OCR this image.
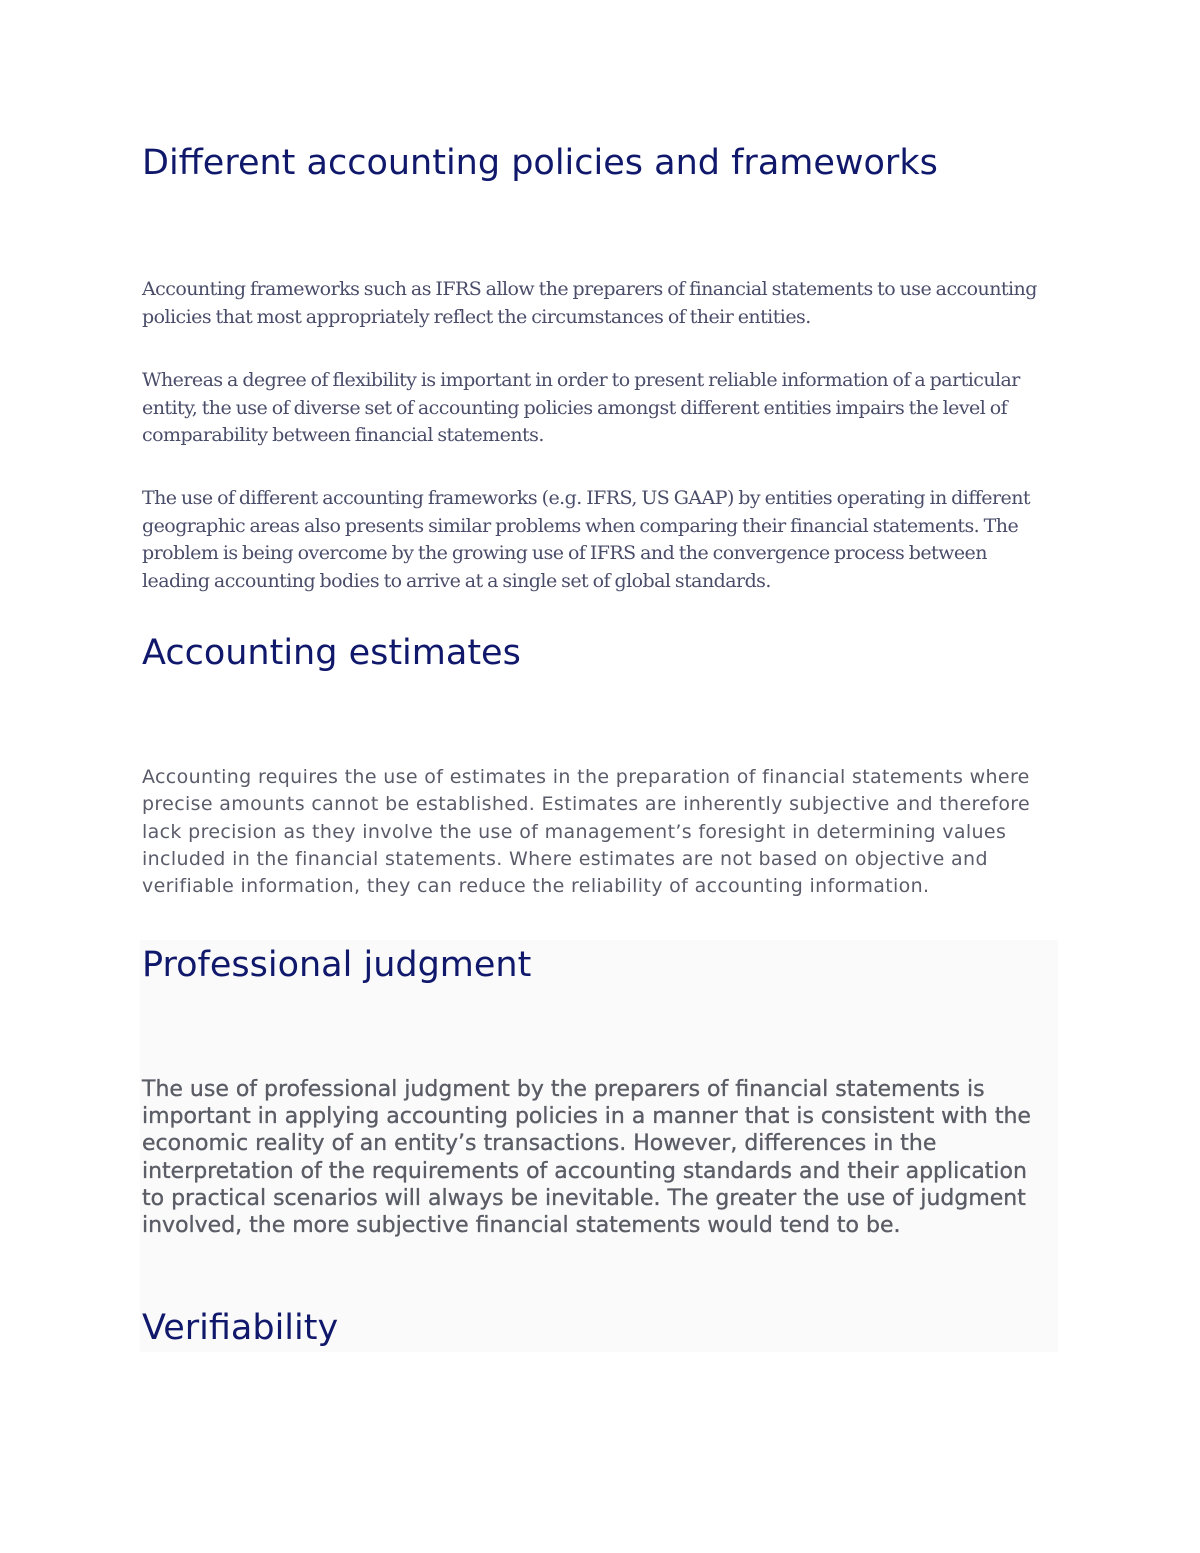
Different accounting policies and frameworks

Accounting frameworks such as IFRS allow the preparers of financial statements to use accounting policies that most appropriately reflect the circumstances of their entities.

Whereas a degree of flexibility is important in order to present reliable information of a particular entity, the use of diverse set of accounting policies amongst different entities impairs the level of comparability between financial statements.

The use of different accounting frameworks (e.g. IFRS, US GAAP) by entities operating in different geographic areas also presents similar problems when comparing their financial statements. The problem is being overcome by the growing use of IFRS and the convergence process between leading accounting bodies to arrive at a single set of global standards.

Accounting estimates

Accounting requires the use of estimates in the preparation of financial statements where precise amounts cannot be established. Estimates are inherently subjective and therefore lack precision as they involve the use of management’s foresight in determining values included in the financial statements. Where estimates are not based on objective and verifiable information, they can reduce the reliability of accounting information.

Professional judgment

The use of professional judgment by the preparers of financial statements is important in applying accounting policies in a manner that is consistent with the economic reality of an entity’s transactions. However, differences in the interpretation of the requirements of accounting standards and their application to practical scenarios will always be inevitable. The greater the use of judgment involved, the more subjective financial statements would tend to be.

Verifiability
